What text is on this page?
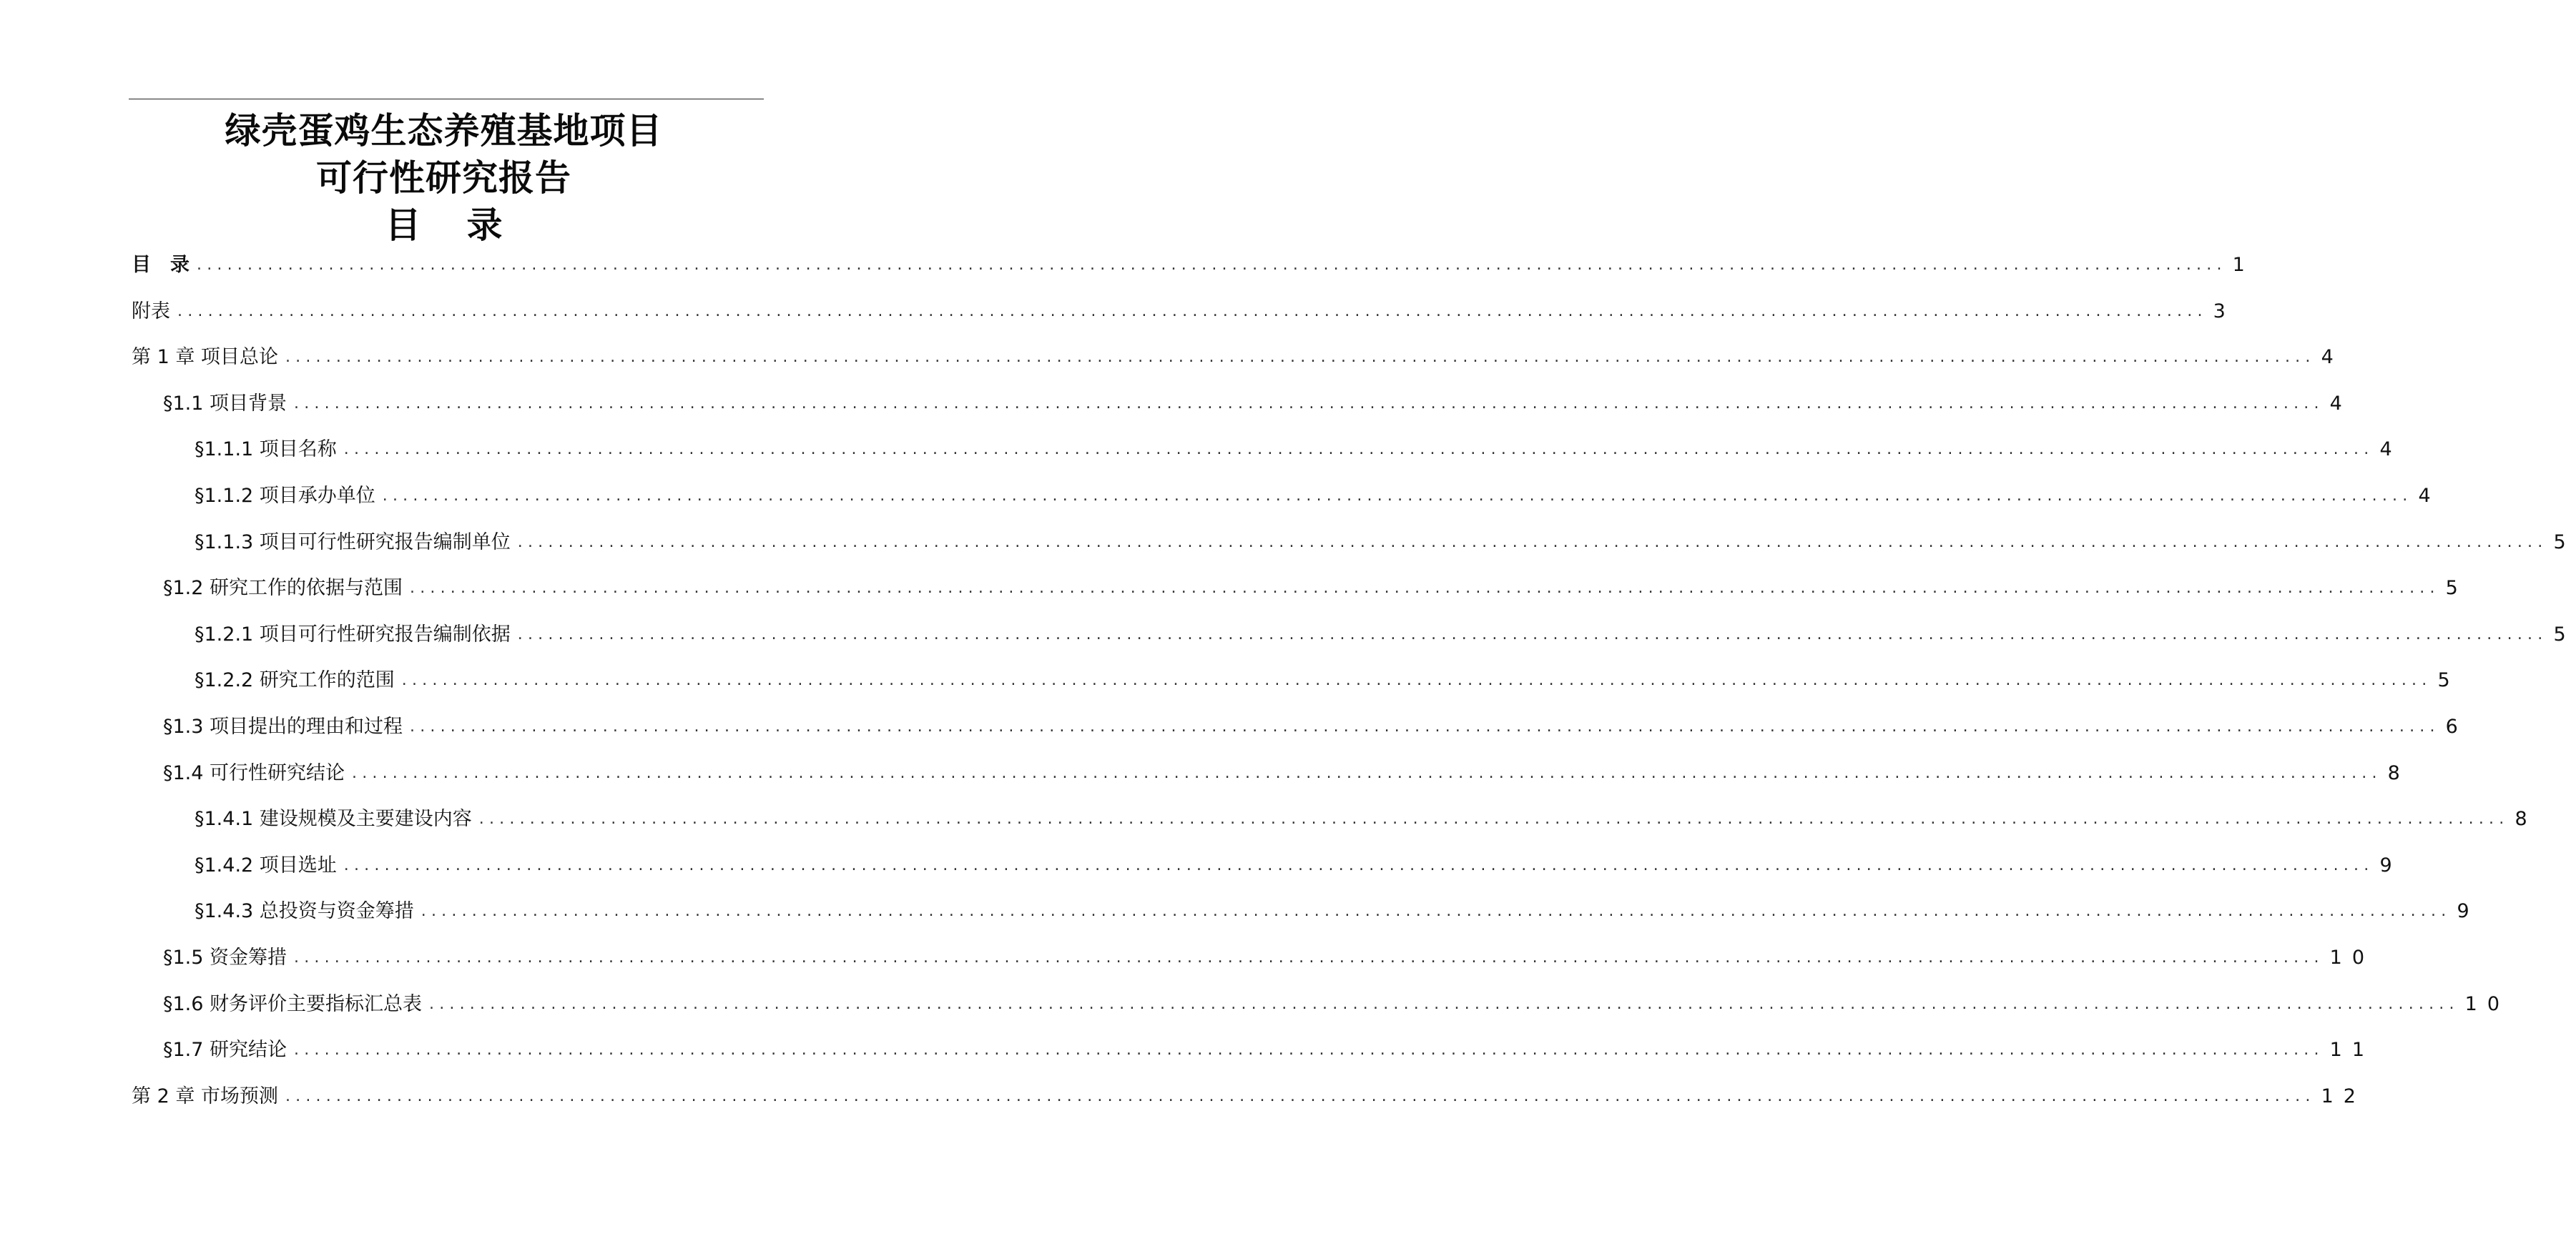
绿壳蛋鸡生态养殖基地项目
可行性研究报告
目录
目　录 ........................................................................................................................................................................................................ 1
附表 ........................................................................................................................................................................................................ 3
第 1 章 项目总论 ........................................................................................................................................................................................................ 4
§1.1 项目背景 ........................................................................................................................................................................................................ 4
§1.1.1 项目名称 ........................................................................................................................................................................................................ 4
§1.1.2 项目承办单位 ........................................................................................................................................................................................................ 4
§1.1.3 项目可行性研究报告编制单位 ........................................................................................................................................................................................................ 5
§1.2 研究工作的依据与范围 ........................................................................................................................................................................................................ 5
§1.2.1 项目可行性研究报告编制依据 ........................................................................................................................................................................................................ 5
§1.2.2 研究工作的范围 ........................................................................................................................................................................................................ 5
§1.3 项目提出的理由和过程 ........................................................................................................................................................................................................ 6
§1.4 可行性研究结论 ........................................................................................................................................................................................................ 8
§1.4.1 建设规模及主要建设内容 ........................................................................................................................................................................................................ 8
§1.4.2 项目选址 ........................................................................................................................................................................................................ 9
§1.4.3 总投资与资金筹措 ........................................................................................................................................................................................................ 9
§1.5 资金筹措 ........................................................................................................................................................................................................ 10
§1.6 财务评价主要指标汇总表 ........................................................................................................................................................................................................ 10
§1.7 研究结论 ........................................................................................................................................................................................................ 11
第 2 章 市场预测 ........................................................................................................................................................................................................ 12
